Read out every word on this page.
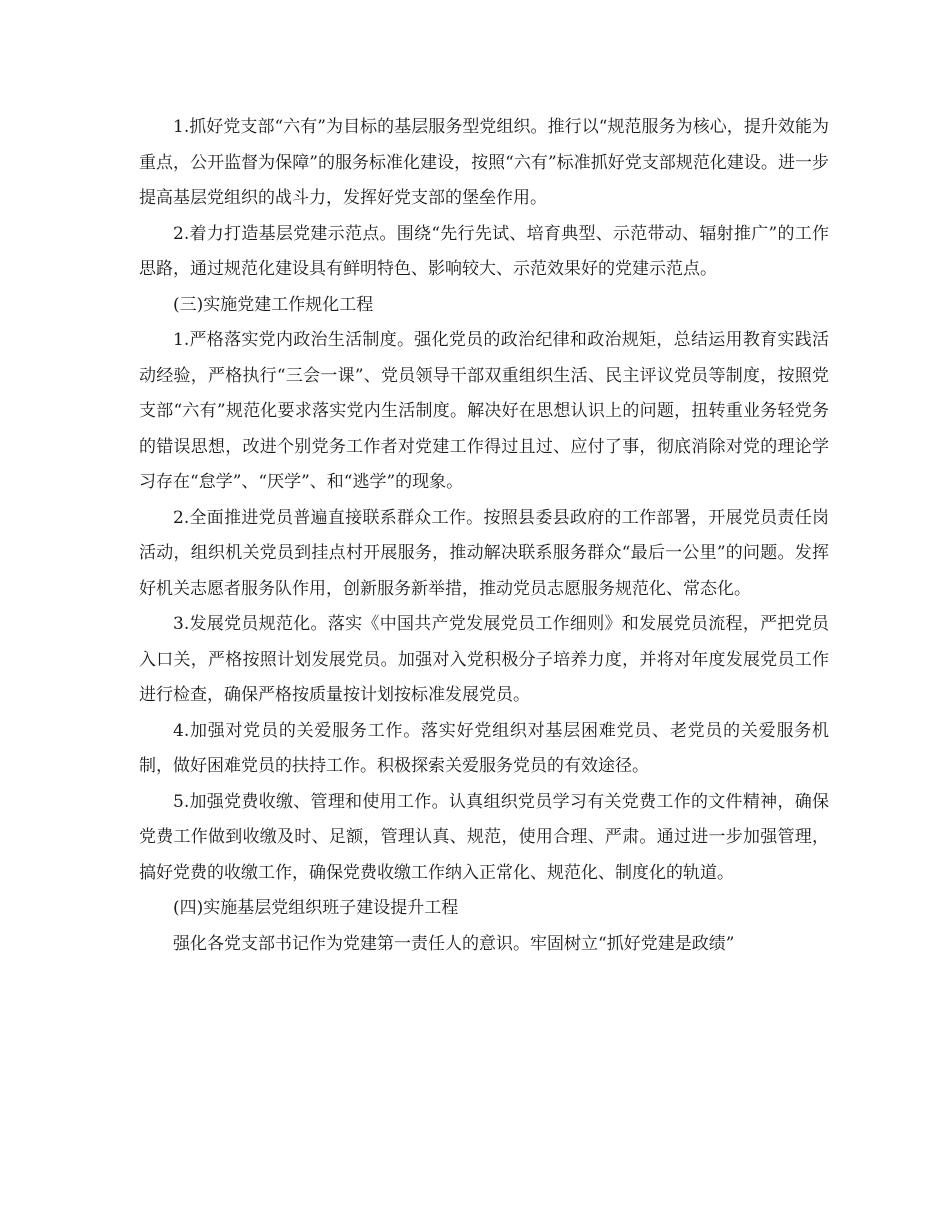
1.抓好党支部“六有”为目标的基层服务型党组织。推行以“规范服务为核心，提升效能为重点，公开监督为保障”的服务标准化建设，按照“六有”标准抓好党支部规范化建设。进一步提高基层党组织的战斗力，发挥好党支部的堡垒作用。

2.着力打造基层党建示范点。围绕“先行先试、培育典型、示范带动、辐射推广”的工作思路，通过规范化建设具有鲜明特色、影响较大、示范效果好的党建示范点。

(三)实施党建工作规化工程

1.严格落实党内政治生活制度。强化党员的政治纪律和政治规矩，总结运用教育实践活动经验，严格执行“三会一课”、党员领导干部双重组织生活、民主评议党员等制度，按照党支部“六有”规范化要求落实党内生活制度。解决好在思想认识上的问题，扭转重业务轻党务的错误思想，改进个别党务工作者对党建工作得过且过、应付了事，彻底消除对党的理论学习存在“怠学”、“厌学”、和“逃学”的现象。

2.全面推进党员普遍直接联系群众工作。按照县委县政府的工作部署，开展党员责任岗活动，组织机关党员到挂点村开展服务，推动解决联系服务群众“最后一公里”的问题。发挥好机关志愿者服务队作用，创新服务新举措，推动党员志愿服务规范化、常态化。

3.发展党员规范化。落实《中国共产党发展党员工作细则》和发展党员流程，严把党员入口关，严格按照计划发展党员。加强对入党积极分子培养力度，并将对年度发展党员工作进行检查，确保严格按质量按计划按标准发展党员。

4.加强对党员的关爱服务工作。落实好党组织对基层困难党员、老党员的关爱服务机制，做好困难党员的扶持工作。积极探索关爱服务党员的有效途径。

5.加强党费收缴、管理和使用工作。认真组织党员学习有关党费工作的文件精神，确保党费工作做到收缴及时、足额，管理认真、规范，使用合理、严肃。通过进一步加强管理，搞好党费的收缴工作，确保党费收缴工作纳入正常化、规范化、制度化的轨道。

(四)实施基层党组织班子建设提升工程

强化各党支部书记作为党建第一责任人的意识。牢固树立“抓好党建是政绩”
